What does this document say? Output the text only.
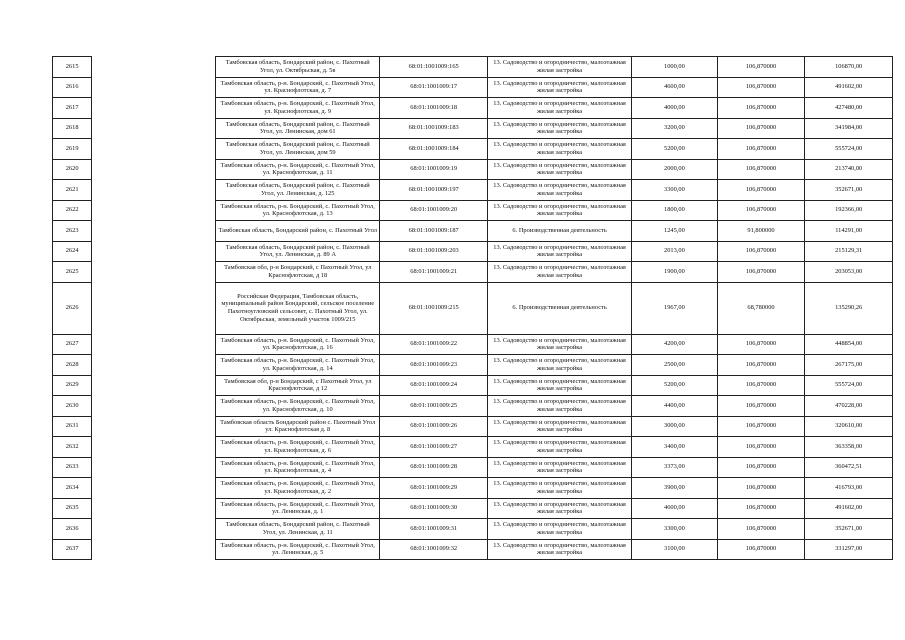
2615		Тамбовская область, Бондарский район, с. Пахотный Угол, ул. Октябрьская, д. 5в	68:01:1001009:165	13. Садоводство и огородничество, малоэтажная жилая застройка	1000,00	106,870000	106870,00
2616		Тамбовская область, р-н. Бондарский, с. Пахотный Угол, ул. Краснофлотская, д. 7	68:01:1001009:17	13. Садоводство и огородничество, малоэтажная жилая застройка	4600,00	106,870000	491602,00
2617		Тамбовская область, р-н. Бондарский, с. Пахотный Угол, ул. Краснофлотская, д. 9	68:01:1001009:18	13. Садоводство и огородничество, малоэтажная жилая застройка	4000,00	106,870000	427480,00
2618		Тамбовская область, Бондарский район, с. Пахотный Угол, ул. Ленинская, дом 61	68:01:1001009:183	13. Садоводство и огородничество, малоэтажная жилая застройка	3200,00	106,870000	341984,00
2619		Тамбовская область, Бондарский район, с. Пахотный Угол, ул. Ленинская, дом 59	68:01:1001009:184	13. Садоводство и огородничество, малоэтажная жилая застройка	5200,00	106,870000	555724,00
2620		Тамбовская область, р-н. Бондарский, с. Пахотный Угол, ул. Краснофлотская, д. 11	68:01:1001009:19	13. Садоводство и огородничество, малоэтажная жилая застройка	2000,00	106,870000	213740,00
2621		Тамбовская область, Бондарский район, с. Пахотный Угол, ул. Ленинская, д. 125	68:01:1001009:197	13. Садоводство и огородничество, малоэтажная жилая застройка	3300,00	106,870000	352671,00
2622		Тамбовская область, р-н. Бондарский, с. Пахотный Угол, ул. Краснофлотская, д. 13	68:01:1001009:20	13. Садоводство и огородничество, малоэтажная жилая застройка	1800,00	106,870000	192366,00
2623		Тамбовская область, Бондарский район, с. Пахотный Угол	68:01:1001009:187	6. Производственная деятельность	1245,00	91,800000	114291,00
2624		Тамбовская область, Бондарский район, с. Пахотный Угол, ул. Ленинская, д. 89 А	68:01:1001009:203	13. Садоводство и огородничество, малоэтажная жилая застройка	2013,00	106,870000	215129,31
2625		Тамбовская обл, р-н Бондарский, с Пахотный Угол, ул Краснофлотская, д 18	68:01:1001009:21	13. Садоводство и огородничество, малоэтажная жилая застройка	1900,00	106,870000	203053,00
2626		Российская Федерация, Тамбовская область, муниципальный район Бондарский, сельское поселение Пахотноугловский сельсовет, с. Пахотный Угол, ул. Октябрьская, земельный участок 1009/215	68:01:1001009:215	6. Производственная деятельность	1967,00	68,780000	135290,26
2627		Тамбовская область, р-н. Бондарский, с. Пахотный Угол, ул. Краснофлотская, д. 16	68:01:1001009:22	13. Садоводство и огородничество, малоэтажная жилая застройка	4200,00	106,870000	448854,00
2628		Тамбовская область, р-н. Бондарский, с. Пахотный Угол, ул. Краснофлотская, д. 14	68:01:1001009:23	13. Садоводство и огородничество, малоэтажная жилая застройка	2500,00	106,870000	267175,00
2629		Тамбовская обл, р-н Бондарский, с Пахотный Угол, ул Краснофлотская, д 12	68:01:1001009:24	13. Садоводство и огородничество, малоэтажная жилая застройка	5200,00	106,870000	555724,00
2630		Тамбовская область, р-н. Бондарский, с. Пахотный Угол, ул. Краснофлотская, д. 10	68:01:1001009:25	13. Садоводство и огородничество, малоэтажная жилая застройка	4400,00	106,870000	470228,00
2631		Тамбовская область Бондарский район с. Пахотный Угол ул. Краснофлотская д. 8	68:01:1001009:26	13. Садоводство и огородничество, малоэтажная жилая застройка	3000,00	106,870000	320610,00
2632		Тамбовская область, р-н. Бондарский, с. Пахотный Угол, ул. Краснофлотская, д. 6	68:01:1001009:27	13. Садоводство и огородничество, малоэтажная жилая застройка	3400,00	106,870000	363358,00
2633		Тамбовская область, р-н. Бондарский, с. Пахотный Угол, ул. Краснофлотская, д. 4	68:01:1001009:28	13. Садоводство и огородничество, малоэтажная жилая застройка	3373,00	106,870000	360472,51
2634		Тамбовская область, р-н. Бондарский, с. Пахотный Угол, ул. Краснофлотская, д. 2	68:01:1001009:29	13. Садоводство и огородничество, малоэтажная жилая застройка	3900,00	106,870000	416793,00
2635		Тамбовская область, р-н. Бондарский, с. Пахотный Угол, ул. Ленинская, д. 1	68:01:1001009:30	13. Садоводство и огородничество, малоэтажная жилая застройка	4600,00	106,870000	491602,00
2636		Тамбовская область, Бондарский район, с. Пахотный Угол, ул. Ленинская, д. 11	68:01:1001009:31	13. Садоводство и огородничество, малоэтажная жилая застройка	3300,00	106,870000	352671,00
2637		Тамбовская область, р-н. Бондарский, с. Пахотный Угол, ул. Ленинская, д. 5	68:01:1001009:32	13. Садоводство и огородничество, малоэтажная жилая застройка	3100,00	106,870000	331297,00
